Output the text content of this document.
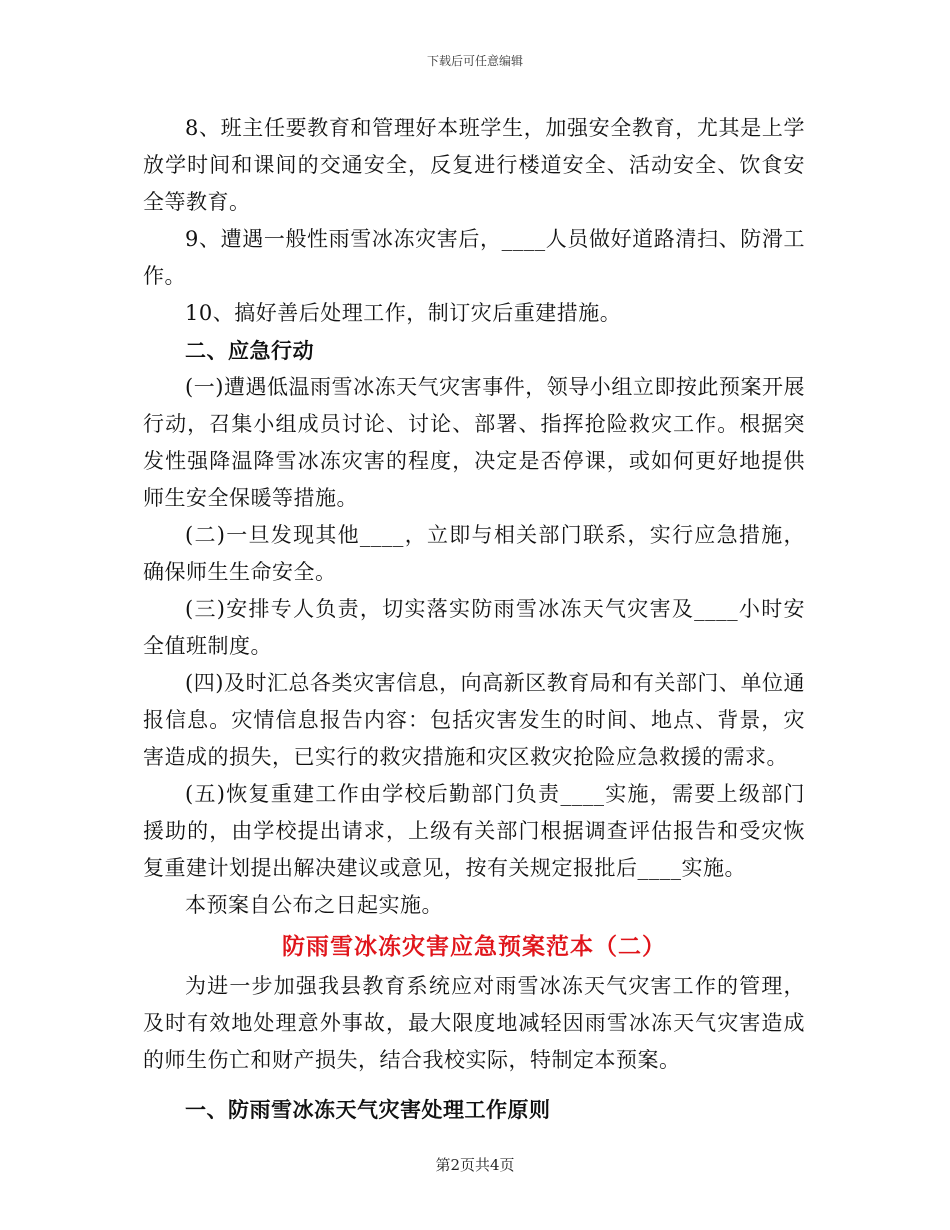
下载后可任意编辑

8、班主任要教育和管理好本班学生，加强安全教育，尤其是上学放学时间和课间的交通安全，反复进行楼道安全、活动安全、饮食安全等教育。

9、遭遇一般性雨雪冰冻灾害后，____人员做好道路清扫、防滑工作。

10、搞好善后处理工作，制订灾后重建措施。

二、应急行动

(一)遭遇低温雨雪冰冻天气灾害事件，领导小组立即按此预案开展行动，召集小组成员讨论、讨论、部署、指挥抢险救灾工作。根据突发性强降温降雪冰冻灾害的程度，决定是否停课，或如何更好地提供师生安全保暖等措施。

(二)一旦发现其他____，立即与相关部门联系，实行应急措施，确保师生生命安全。

(三)安排专人负责，切实落实防雨雪冰冻天气灾害及____小时安全值班制度。

(四)及时汇总各类灾害信息，向高新区教育局和有关部门、单位通报信息。灾情信息报告内容：包括灾害发生的时间、地点、背景，灾害造成的损失，已实行的救灾措施和灾区救灾抢险应急救援的需求。

(五)恢复重建工作由学校后勤部门负责____实施，需要上级部门援助的，由学校提出请求，上级有关部门根据调查评估报告和受灾恢复重建计划提出解决建议或意见，按有关规定报批后____实施。

本预案自公布之日起实施。

防雨雪冰冻灾害应急预案范本（二）

为进一步加强我县教育系统应对雨雪冰冻天气灾害工作的管理，及时有效地处理意外事故，最大限度地减轻因雨雪冰冻天气灾害造成的师生伤亡和财产损失，结合我校实际，特制定本预案。

一、防雨雪冰冻天气灾害处理工作原则

第2页共4页
